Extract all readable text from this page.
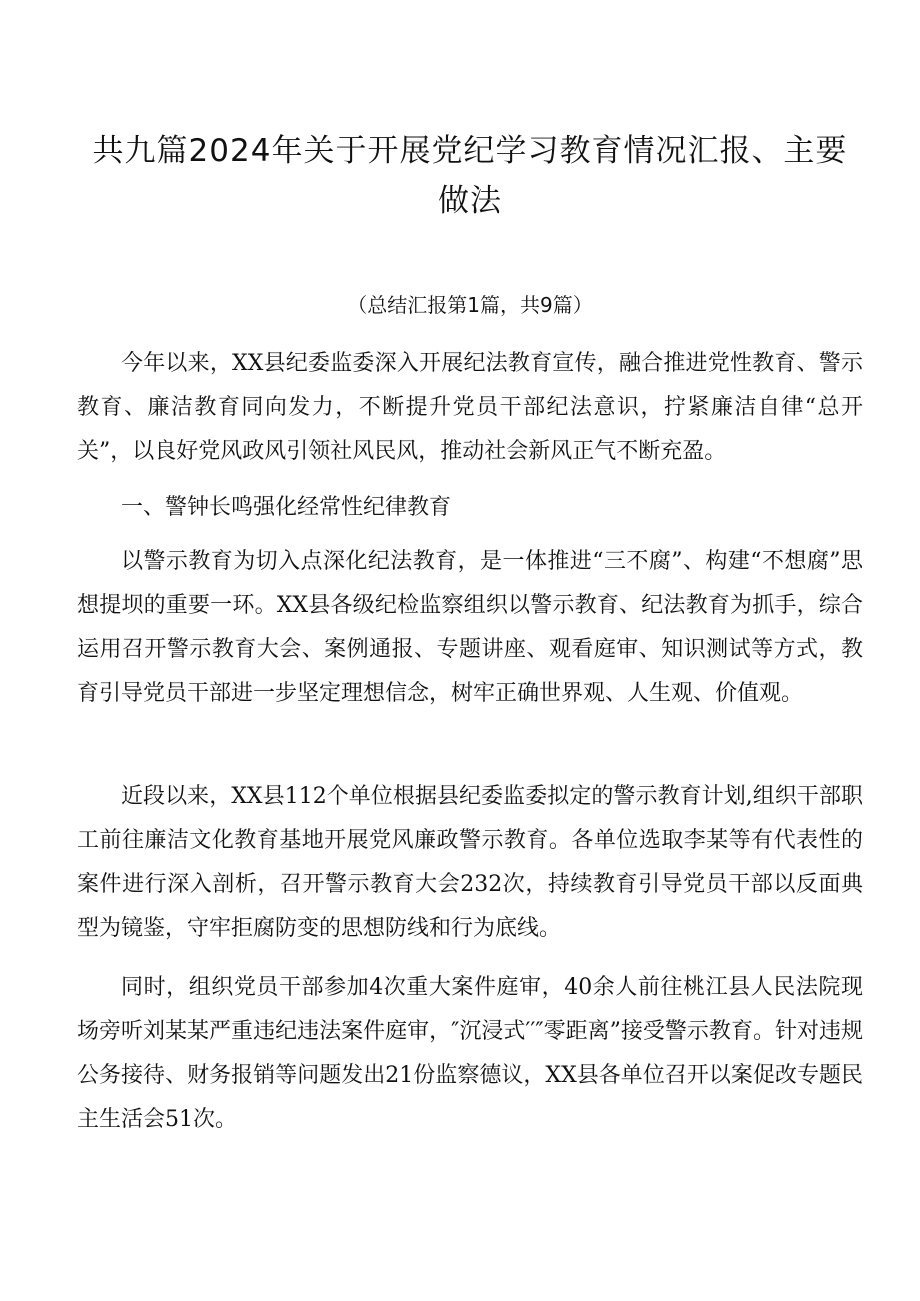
共九篇2024年关于开展党纪学习教育情况汇报、主要做法
（总结汇报第1篇，共9篇）

今年以来，XX县纪委监委深入开展纪法教育宣传，融合推进党性教育、警示教育、廉洁教育同向发力，不断提升党员干部纪法意识，拧紧廉洁自律“总开关”，以良好党风政风引领社风民风，推动社会新风正气不断充盈。

一、警钟长鸣强化经常性纪律教育

以警示教育为切入点深化纪法教育，是一体推进“三不腐”、构建“不想腐”思想提坝的重要一环。XX县各级纪检监察组织以警示教育、纪法教育为抓手，综合运用召开警示教育大会、案例通报、专题讲座、观看庭审、知识测试等方式，教育引导党员干部进一步坚定理想信念，树牢正确世界观、人生观、价值观。

近段以来，XX县112个单位根据县纪委监委拟定的警示教育计划,组织干部职工前往廉洁文化教育基地开展党风廉政警示教育。各单位选取李某等有代表性的案件进行深入剖析，召开警示教育大会232次，持续教育引导党员干部以反面典型为镜鉴，守牢拒腐防变的思想防线和行为底线。

同时，组织党员干部参加4次重大案件庭审，40余人前往桃江县人民法院现场旁听刘某某严重违纪违法案件庭审，″沉浸式′′″零距离”接受警示教育。针对违规公务接待、财务报销等问题发出21份监察德议，XX县各单位召开以案促改专题民主生活会51次。
